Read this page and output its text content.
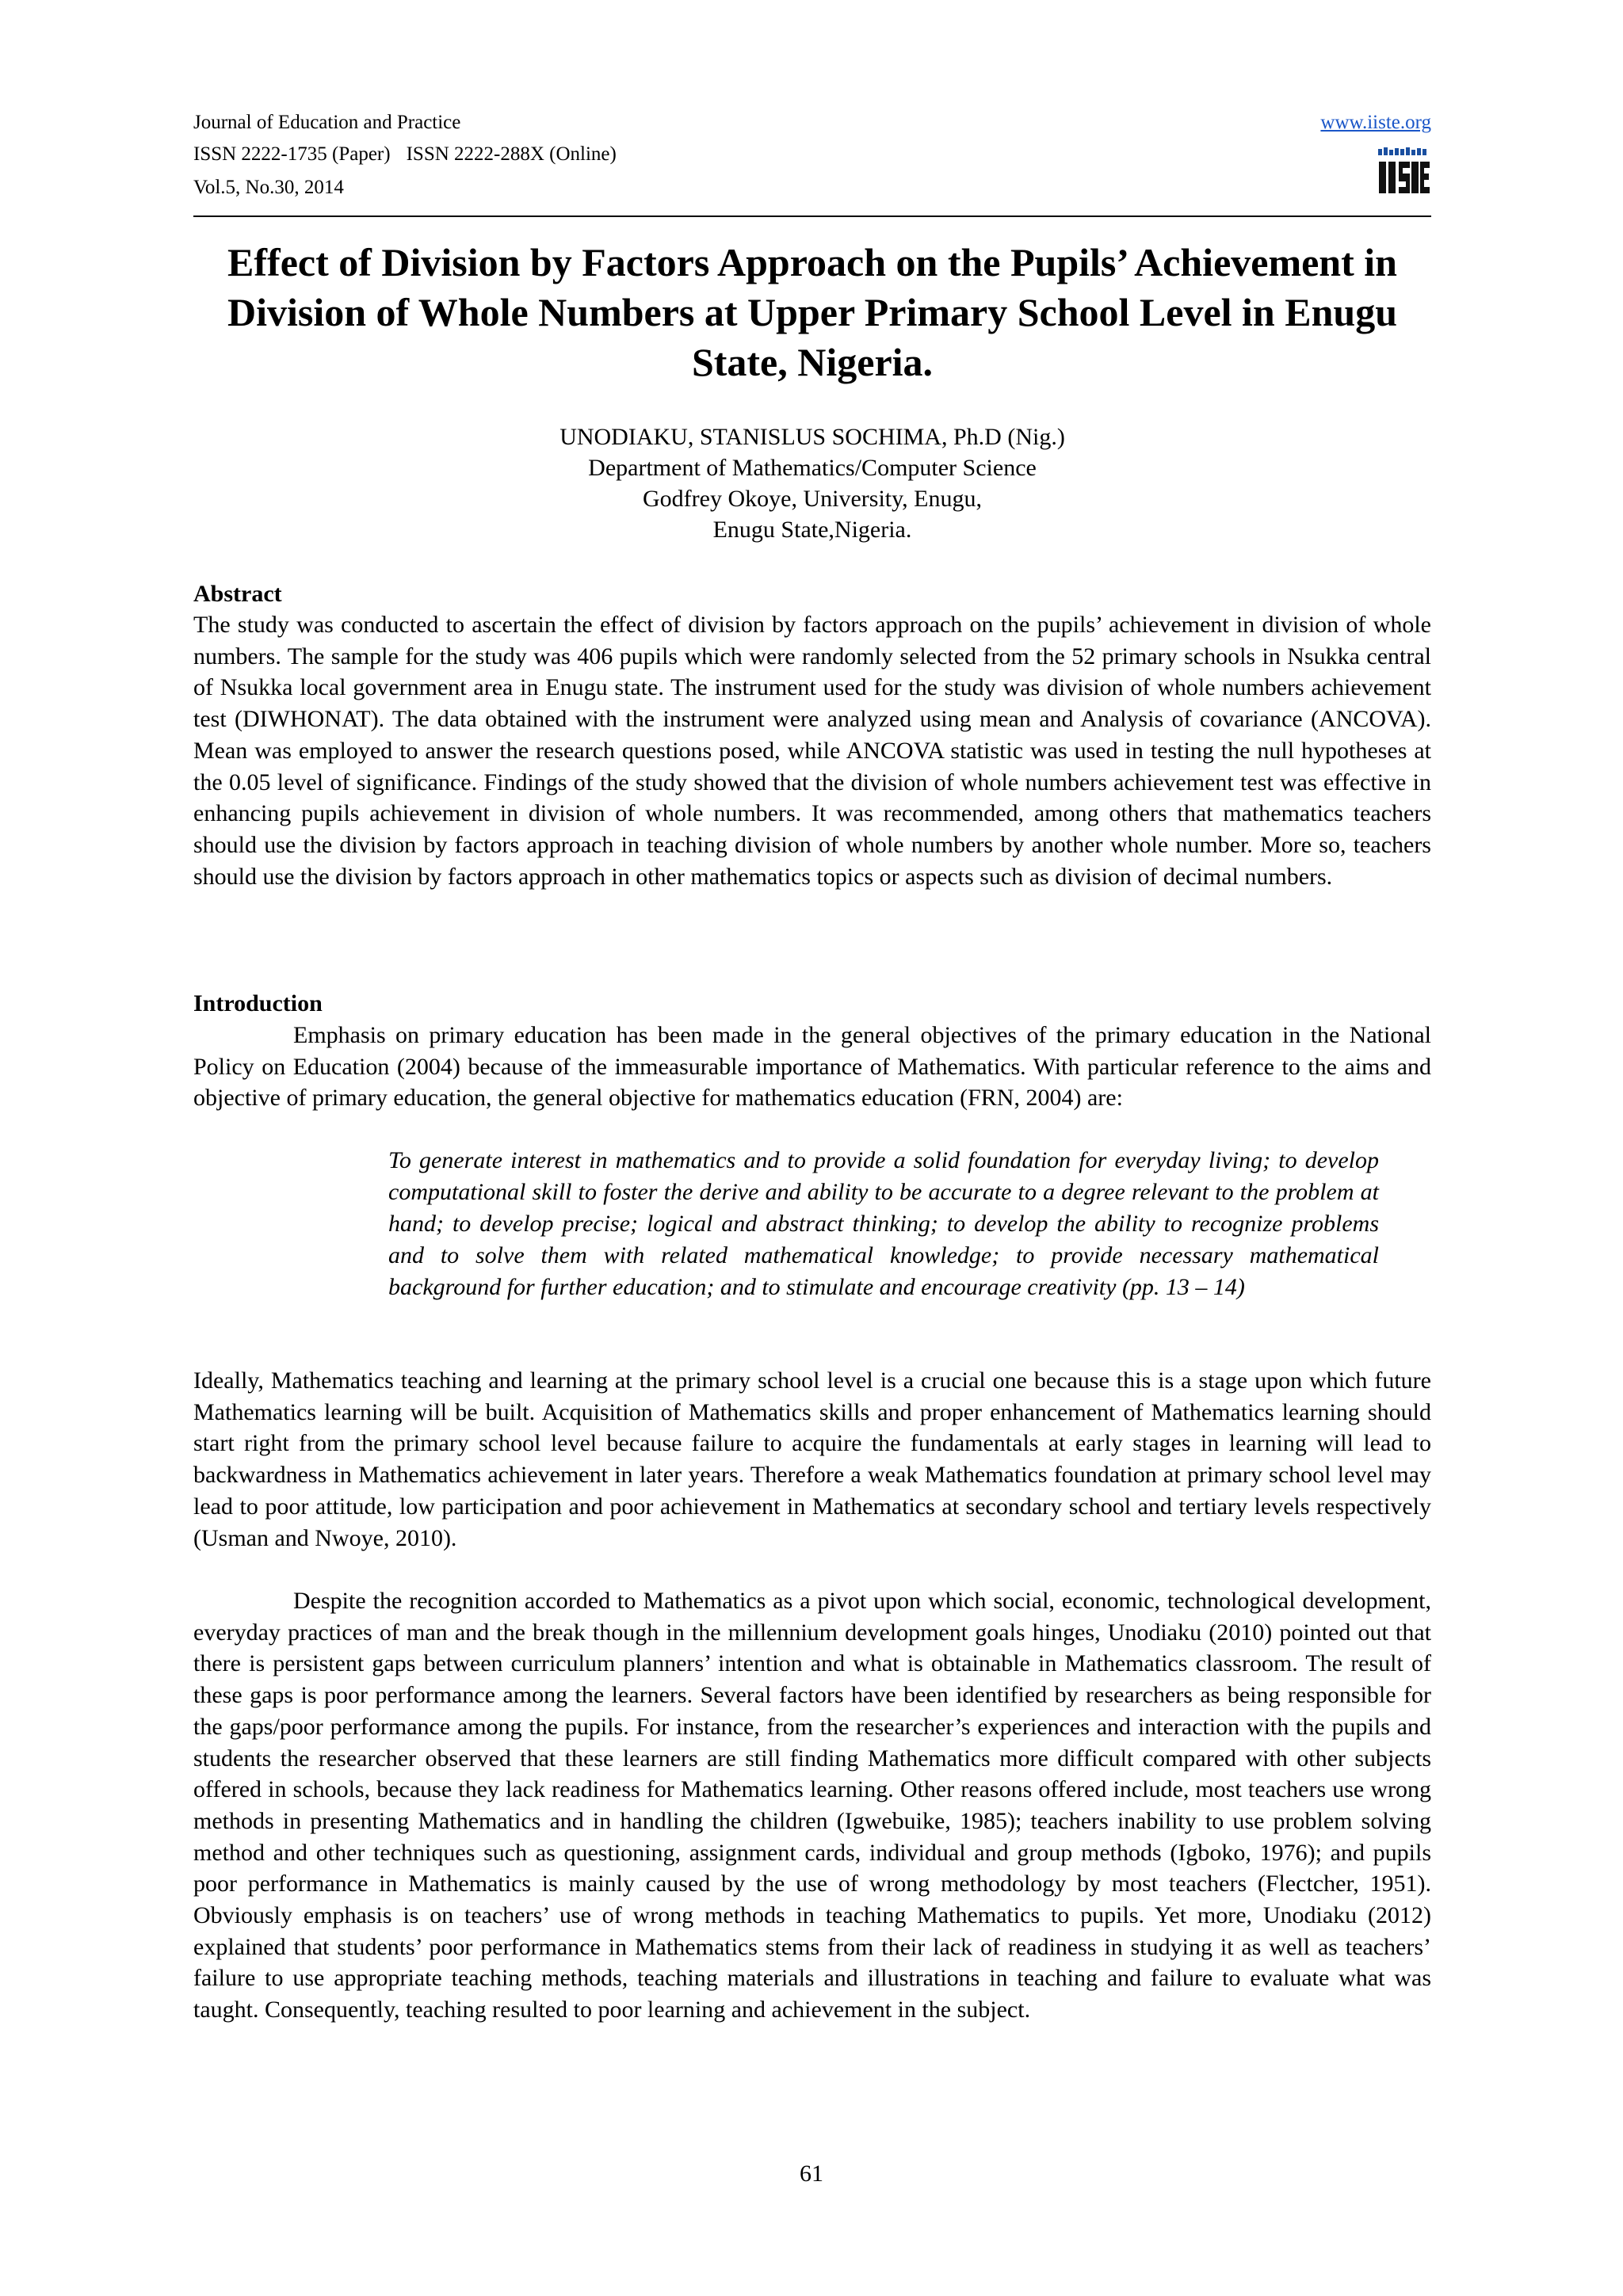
Journal of Education and Practice
ISSN 2222-1735 (Paper) ISSN 2222-288X (Online)
Vol.5, No.30, 2014
www.iiste.org
Effect of Division by Factors Approach on the Pupils’ Achievement in Division of Whole Numbers at Upper Primary School Level in Enugu State, Nigeria.
UNODIAKU, STANISLUS SOCHIMA, Ph.D (Nig.)
Department of Mathematics/Computer Science
Godfrey Okoye, University, Enugu,
Enugu State,Nigeria.
Abstract

The study was conducted to ascertain the effect of division by factors approach on the pupils’ achievement in division of whole numbers. The sample for the study was 406 pupils which were randomly selected from the 52 primary schools in Nsukka central of Nsukka local government area in Enugu state. The instrument used for the study was division of whole numbers achievement test (DIWHONAT). The data obtained with the instrument were analyzed using mean and Analysis of covariance (ANCOVA). Mean was employed to answer the research questions posed, while ANCOVA statistic was used in testing the null hypotheses at the 0.05 level of significance. Findings of the study showed that the division of whole numbers achievement test was effective in enhancing pupils achievement in division of whole numbers. It was recommended, among others that mathematics teachers should use the division by factors approach in teaching division of whole numbers by another whole number. More so, teachers should use the division by factors approach in other mathematics topics or aspects such as division of decimal numbers.

Introduction

Emphasis on primary education has been made in the general objectives of the primary education in the National Policy on Education (2004) because of the immeasurable importance of Mathematics. With particular reference to the aims and objective of primary education, the general objective for mathematics education (FRN, 2004) are:

To generate interest in mathematics and to provide a solid foundation for everyday living; to develop computational skill to foster the derive and ability to be accurate to a degree relevant to the problem at hand; to develop precise; logical and abstract thinking; to develop the ability to recognize problems and to solve them with related mathematical knowledge; to provide necessary mathematical background for further education; and to stimulate and encourage creativity (pp. 13 – 14)

Ideally, Mathematics teaching and learning at the primary school level is a crucial one because this is a stage upon which future Mathematics learning will be built. Acquisition of Mathematics skills and proper enhancement of Mathematics learning should start right from the primary school level because failure to acquire the fundamentals at early stages in learning will lead to backwardness in Mathematics achievement in later years. Therefore a weak Mathematics foundation at primary school level may lead to poor attitude, low participation and poor achievement in Mathematics at secondary school and tertiary levels respectively (Usman and Nwoye, 2010).

Despite the recognition accorded to Mathematics as a pivot upon which social, economic, technological development, everyday practices of man and the break though in the millennium development goals hinges, Unodiaku (2010) pointed out that there is persistent gaps between curriculum planners’ intention and what is obtainable in Mathematics classroom. The result of these gaps is poor performance among the learners. Several factors have been identified by researchers as being responsible for the gaps/poor performance among the pupils. For instance, from the researcher’s experiences and interaction with the pupils and students the researcher observed that these learners are still finding Mathematics more difficult compared with other subjects offered in schools, because they lack readiness for Mathematics learning. Other reasons offered include, most teachers use wrong methods in presenting Mathematics and in handling the children (Igwebuike, 1985); teachers inability to use problem solving method and other techniques such as questioning, assignment cards, individual and group methods (Igboko, 1976); and pupils poor performance in Mathematics is mainly caused by the use of wrong methodology by most teachers (Flectcher, 1951). Obviously emphasis is on teachers’ use of wrong methods in teaching Mathematics to pupils. Yet more, Unodiaku (2012) explained that students’ poor performance in Mathematics stems from their lack of readiness in studying it as well as teachers’ failure to use appropriate teaching methods, teaching materials and illustrations in teaching and failure to evaluate what was taught. Consequently, teaching resulted to poor learning and achievement in the subject.

61
